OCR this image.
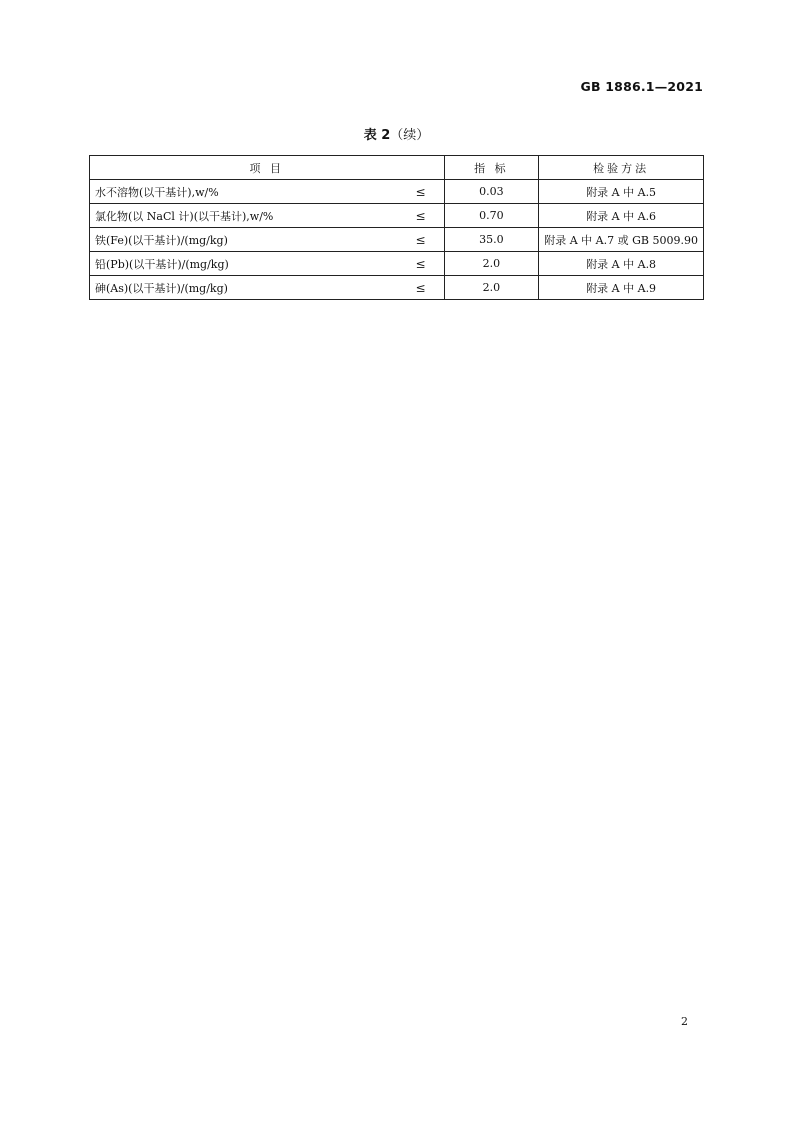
GB 1886.1—2021
表 2（续）
项 目	指 标	检验方法
水不溶物(以干基计),w/% ≤	0.03	附录 A 中 A.5
氯化物(以 NaCl 计)(以干基计),w/% ≤	0.70	附录 A 中 A.6
铁(Fe)(以干基计)/(mg/kg) ≤	35.0	附录 A 中 A.7 或 GB 5009.90
铅(Pb)(以干基计)/(mg/kg) ≤	2.0	附录 A 中 A.8
砷(As)(以干基计)/(mg/kg) ≤	2.0	附录 A 中 A.9
2
